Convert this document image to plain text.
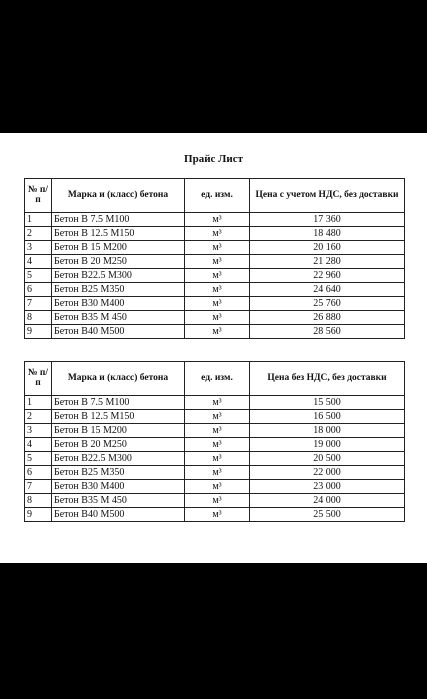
Прайс Лист
№ п/п	Марка и (класс) бетона	ед. изм.	Цена с учетом НДС, без доставки
1	Бетон В 7.5 М100	м³	17 360
2	Бетон В 12.5 М150	м³	18 480
3	Бетон В 15 М200	м³	20 160
4	Бетон В 20 М250	м³	21 280
5	Бетон В22.5 М300	м³	22 960
6	Бетон В25 М350	м³	24 640
7	Бетон В30 М400	м³	25 760
8	Бетон В35 М 450	м³	26 880
9	Бетон В40 М500	м³	28 560
№ п/п	Марка и (класс) бетона	ед. изм.	Цена без НДС, без доставки
1	Бетон В 7.5 М100	м³	15 500
2	Бетон В 12.5 М150	м³	16 500
3	Бетон В 15 М200	м³	18 000
4	Бетон В 20 М250	м³	19 000
5	Бетон В22.5 М300	м³	20 500
6	Бетон В25 М350	м³	22 000
7	Бетон В30 М400	м³	23 000
8	Бетон В35 М 450	м³	24 000
9	Бетон В40 М500	м³	25 500
